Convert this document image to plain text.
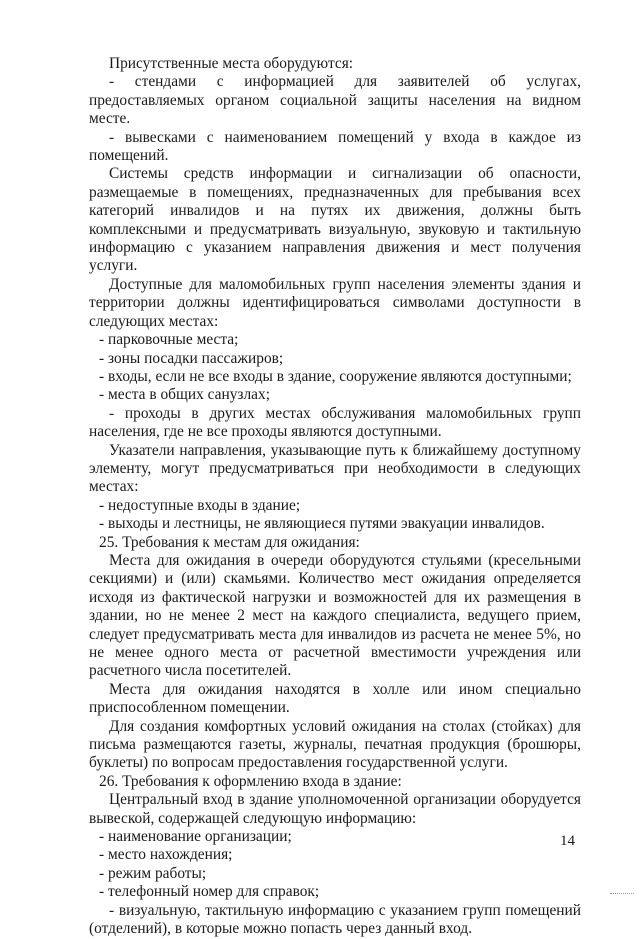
Присутственные места оборудуются:

- стендами с информацией для заявителей об услугах, предоставляемых органом социальной защиты населения на видном месте.

- вывесками с наименованием помещений у входа в каждое из помещений.

Системы средств информации и сигнализации об опасности, размещаемые в помещениях, предназначенных для пребывания всех категорий инвалидов и на путях их движения, должны быть комплексными и предусматривать визуальную, звуковую и тактильную информацию с указанием направления движения и мест получения услуги.

Доступные для маломобильных групп населения элементы здания и территории должны идентифицироваться символами доступности в следующих местах:

- парковочные места;

- зоны посадки пассажиров;

- входы, если не все входы в здание, сооружение являются доступными;

- места в общих санузлах;

- проходы в других местах обслуживания маломобильных групп населения, где не все проходы являются доступными.

Указатели направления, указывающие путь к ближайшему доступному элементу, могут предусматриваться при необходимости в следующих местах:

- недоступные входы в здание;

- выходы и лестницы, не являющиеся путями эвакуации инвалидов.

25. Требования к местам для ожидания:

Места для ожидания в очереди оборудуются стульями (кресельными секциями) и (или) скамьями. Количество мест ожидания определяется исходя из фактической нагрузки и возможностей для их размещения в здании, но не менее 2 мест на каждого специалиста, ведущего прием, следует предусматривать места для инвалидов из расчета не менее 5%, но не менее одного места от расчетной вместимости учреждения или расчетного числа посетителей.

Места для ожидания находятся в холле или ином специально приспособленном помещении.

Для создания комфортных условий ожидания на столах (стойках) для письма размещаются газеты, журналы, печатная продукция (брошюры, буклеты) по вопросам предоставления государственной услуги.

26. Требования к оформлению входа в здание:

Центральный вход в здание уполномоченной организации оборудуется вывеской, содержащей следующую информацию:

- наименование организации;

- место нахождения;

- режим работы;

- телефонный номер для справок;

- визуальную, тактильную информацию с указанием групп помещений (отделений), в которые можно попасть через данный вход.

14
